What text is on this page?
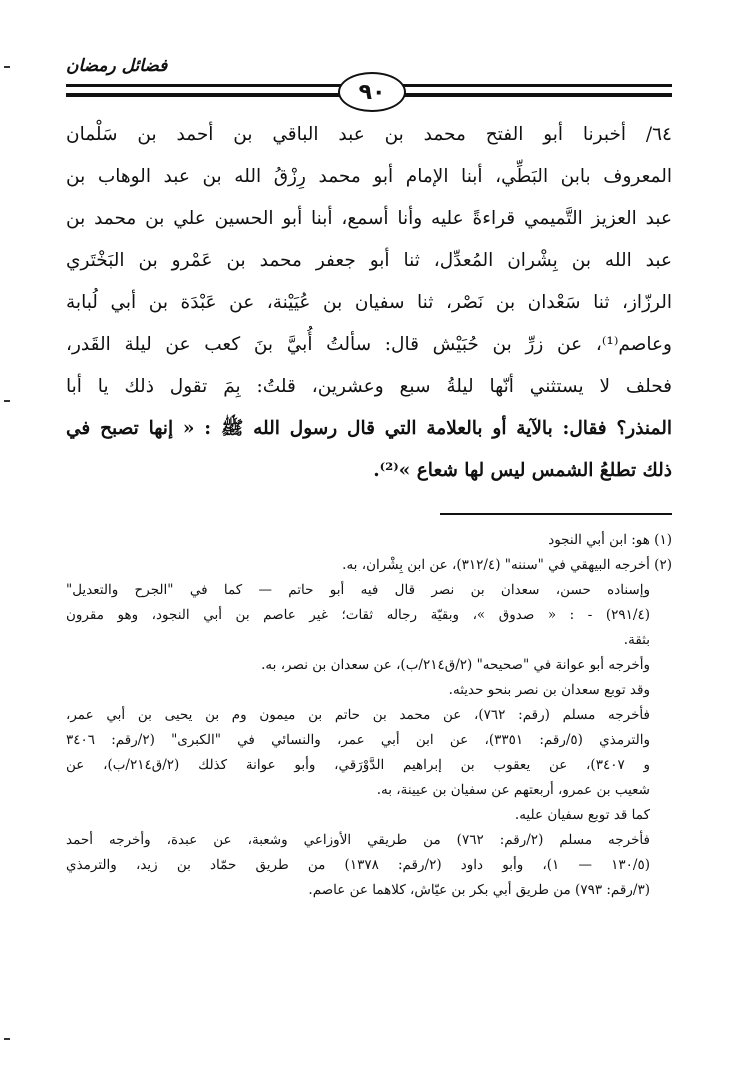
فضائل رمضان
٩٠
٦٤/ أخبرنا أبو الفتح محمد بن عبد الباقي بن أحمد بن سَلْمان
المعروف بابن البَطِّي، أبنا الإمام أبو محمد رِزْقُ الله بن عبد الوهاب بن
عبد العزيز التَّميمي قراءةً عليه وأنا أسمع، أبنا أبو الحسين علي بن محمد بن
عبد الله بن بِشْران المُعدِّل، ثنا أبو جعفر محمد بن عَمْرو بن البَخْتَري
الرزّاز، ثنا سَعْدان بن نَصْر، ثنا سفيان بن عُيَيْنة، عن عَبْدَة بن أبي لُبابة
وعاصم⁽¹⁾، عن زرِّ بن حُبَيْش قال: سألتُ أُبيَّ بنَ كعب عن ليلة القَدر،
فحلف لا يستثني أنّها ليلةُ سبع وعشرين، قلتُ: بِمَ تقول ذلك يا أبا
المنذر؟ فقال: بالآية أو بالعلامة التي قال رسول الله ﷺ : « إنها تصبح في
ذلك تطلعُ الشمس ليس لها شعاع »⁽²⁾.
(١) هو: ابن أبي النجود
(٢) أخرجه البيهقي في "سننه" (٣١٢/٤)، عن ابن بِشْران، به.
وإسناده حسن، سعدان بن نصر قال فيه أبو حاتم — كما في "الجرح والتعديل"
(٢٩١/٤) - : « صدوق »، وبقيّة رجاله ثقات؛ غير عاصم بن أبي النجود، وهو مقرون
بثقة.
وأخرجه أبو عوانة في "صحيحه" (٢/ق٢١٤/ب)، عن سعدان بن نصر، به.
وقد توبع سعدان بن نصر بنحو حديثه.
فأخرجه مسلم (رقم: ٧٦٢)، عن محمد بن حاتم بن ميمون وم بن يحيى بن أبي عمر،
والترمذي (٥/رقم: ٣٣٥١)، عن ابن أبي عمر، والنسائي في "الكبرى" (٢/رقم: ٣٤٠٦
و ٣٤٠٧)، عن يعقوب بن إبراهيم الدَّوْرَقي، وأبو عوانة كذلك (٢/ق٢١٤/ب)، عن
شعيب بن عمرو، أربعتهم عن سفيان بن عيينة، به.
كما قد توبع سفيان عليه.
فأخرجه مسلم (٢/رقم: ٧٦٢) من طريقي الأوزاعي وشعبة، عن عبدة، وأخرجه أحمد
(١٣٠/٥ — ١)، وأبو داود (٢/رقم: ١٣٧٨) من طريق حمّاد بن زيد، والترمذي
(٣/رقم: ٧٩٣) من طريق أبي بكر بن عيّاش، كلاهما عن عاصم.
